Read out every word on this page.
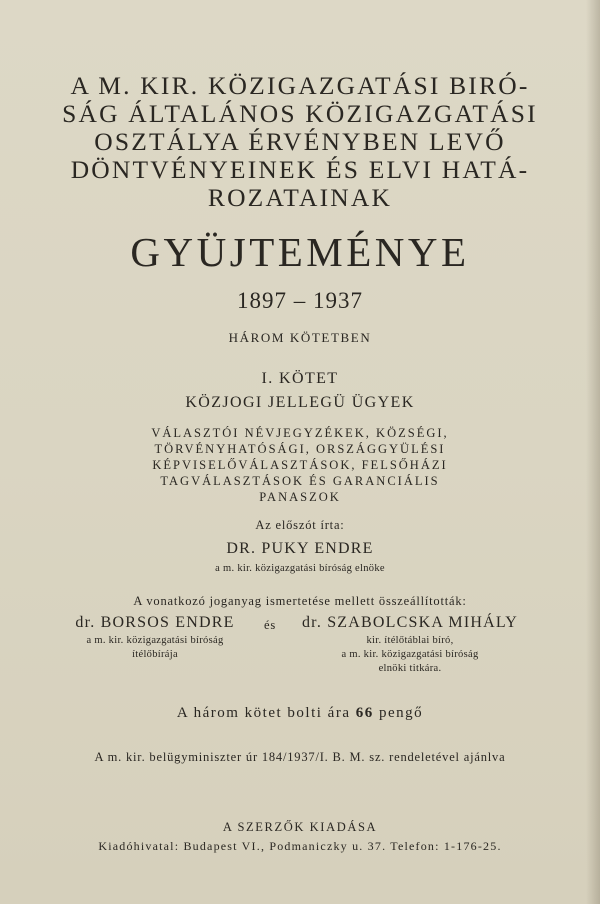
A M. KIR. KÖZIGAZGATÁSI BIRÓ-
SÁG ÁLTALÁNOS KÖZIGAZGATÁSI
OSZTÁLYA ÉRVÉNYBEN LEVŐ
DÖNTVÉNYEINEK ÉS ELVI HATÁ-
ROZATAINAK
GYÜJTEMÉNYE
1897 – 1937
HÁROM KÖTETBEN
I. KÖTET
KÖZJOGI JELLEGÜ ÜGYEK
VÁLASZTÓI NÉVJEGYZÉKEK, KÖZSÉGI,
TÖRVÉNYHATÓSÁGI, ORSZÁGGYÜLÉSI
KÉPVISELŐVÁLASZTÁSOK, FELSŐHÁZI
TAGVÁLASZTÁSOK ÉS GARANCIÁLIS
PANASZOK
Az előszót írta:
DR. PUKY ENDRE
a m. kir. közigazgatási bíróság elnöke
A vonatkozó joganyag ismertetése mellett összeállították:
dr. BORSOS ENDRE	és	dr. SZABOLCSKA MIHÁLY
a m. kir. közigazgatási bíróság
ítélőbírája
kir. ítélőtáblai bíró,
a m. kir. közigazgatási bíróság
elnöki titkára.
A három kötet bolti ára 66 pengő
A m. kir. belügyminiszter úr 184/1937/I. B. M. sz. rendeletével ajánlva
A SZERZŐK KIADÁSA
Kiadóhivatal: Budapest VI., Podmaniczky u. 37. Telefon: 1-176-25.
